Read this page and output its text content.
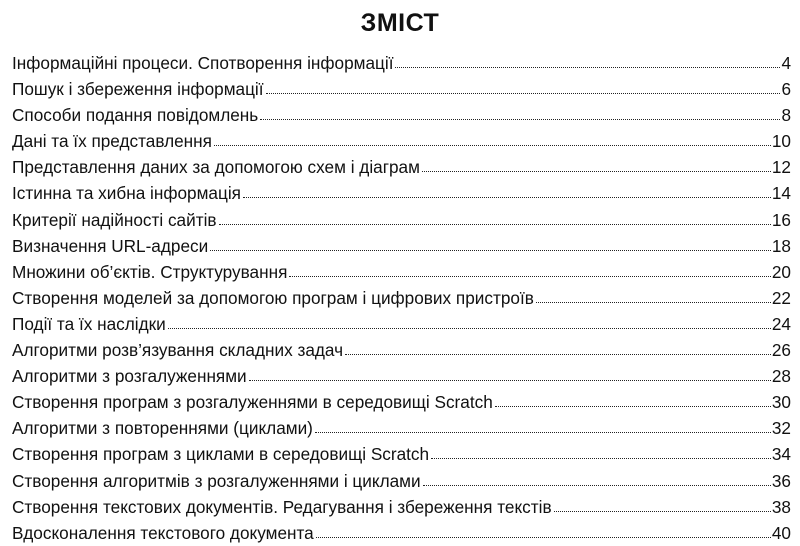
ЗМІСТ
Інформаційні процеси. Спотворення інформації	4
Пошук і збереження інформації	6
Способи подання повідомлень	8
Дані та їх представлення	10
Представлення даних за допомогою схем і діаграм	12
Істинна та хибна інформація	14
Критерії надійності сайтів	16
Визначення URL-адреси	18
Множини об’єктів. Структурування	20
Створення моделей за допомогою програм і цифрових пристроїв	22
Події та їх наслідки	24
Алгоритми розв’язування складних задач	26
Алгоритми з розгалуженнями	28
Створення програм з розгалуженнями в середовищі Scratch	30
Алгоритми з повтореннями (циклами)	32
Створення програм з циклами в середовищі Scratch	34
Створення алгоритмів з розгалуженнями і циклами	36
Створення текстових документів. Редагування і збереження текстів	38
Вдосконалення текстового документа	40
